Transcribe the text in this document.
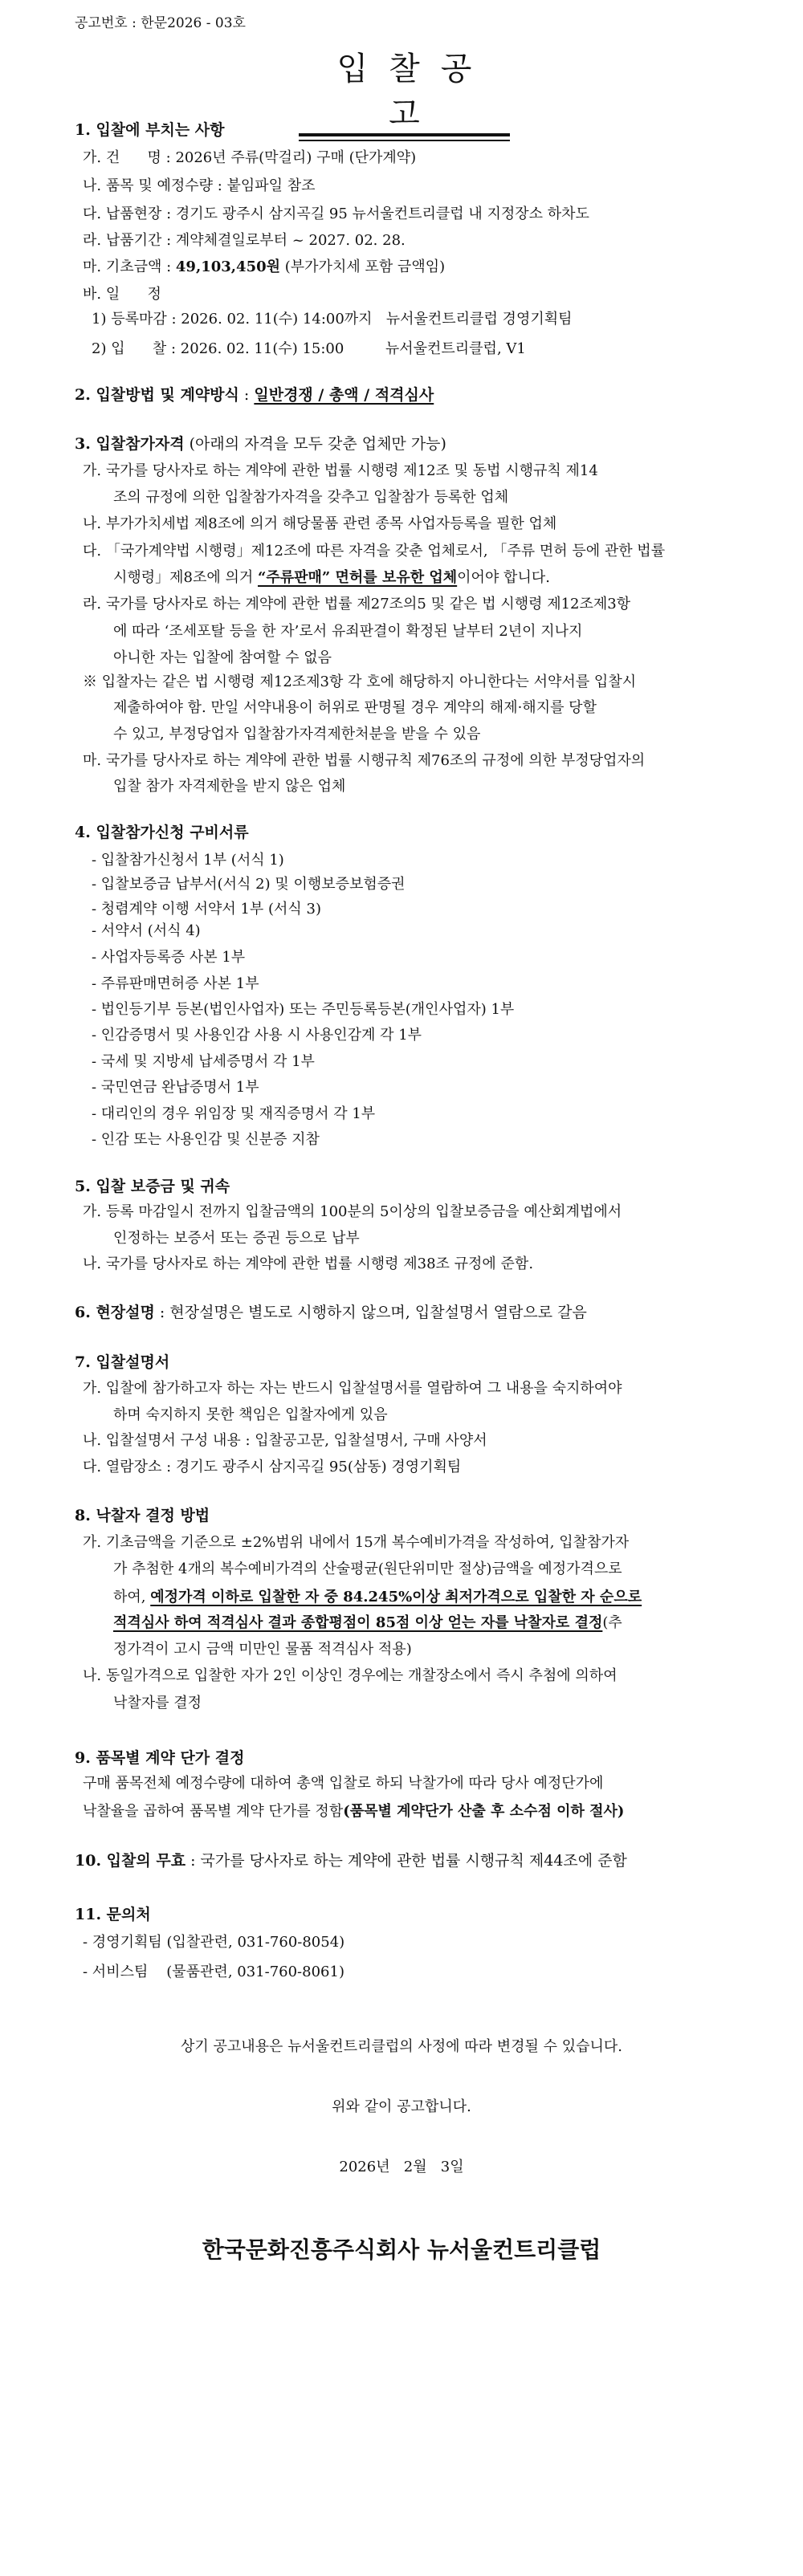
공고번호 : 한문2026 - 03호
입찰공고
1. 입찰에 부치는 사항
가. 건      명 : 2026년 주류(막걸리) 구매 (단가계약)
나. 품목 및 예정수량 : 붙임파일 참조
다. 납품현장 : 경기도 광주시 삼지곡길 95 뉴서울컨트리클럽 내 지정장소 하차도
라. 납품기간 : 계약체결일로부터 ~ 2027. 02. 28.
마. 기초금액 : 49,103,450원 (부가가치세 포함 금액임)
바. 일      정
1) 등록마감 : 2026. 02. 11(수) 14:00까지   뉴서울컨트리클럽 경영기획팀
2) 입      찰 : 2026. 02. 11(수) 15:00         뉴서울컨트리클럽, V1
2. 입찰방법 및 계약방식 : 일반경쟁 / 총액 / 적격심사
3. 입찰참가자격 (아래의 자격을 모두 갖춘 업체만 가능)
가. 국가를 당사자로 하는 계약에 관한 법률 시행령 제12조 및 동법 시행규칙 제14
조의 규정에 의한 입찰참가자격을 갖추고 입찰참가 등록한 업체
나. 부가가치세법 제8조에 의거 해당물품 관련 종목 사업자등록을 필한 업체
다. 「국가계약법 시행령」제12조에 따른 자격을 갖춘 업체로서, 「주류 면허 등에 관한 법률
시행령」제8조에 의거 “주류판매” 면허를 보유한 업체이어야 합니다.
라. 국가를 당사자로 하는 계약에 관한 법률 제27조의5 및 같은 법 시행령 제12조제3항
에 따라 ‘조세포탈 등을 한 자’로서 유죄판결이 확정된 날부터 2년이 지나지
아니한 자는 입찰에 참여할 수 없음
※ 입찰자는 같은 법 시행령 제12조제3항 각 호에 해당하지 아니한다는 서약서를 입찰시
제출하여야 함. 만일 서약내용이 허위로 판명될 경우 계약의 해제·해지를 당할
수 있고, 부정당업자 입찰참가자격제한처분을 받을 수 있음
마. 국가를 당사자로 하는 계약에 관한 법률 시행규칙 제76조의 규정에 의한 부정당업자의
입찰 참가 자격제한을 받지 않은 업체
4. 입찰참가신청 구비서류
- 입찰참가신청서 1부 (서식 1)
- 입찰보증금 납부서(서식 2) 및 이행보증보험증권
- 청렴계약 이행 서약서 1부 (서식 3)
- 서약서 (서식 4)
- 사업자등록증 사본 1부
- 주류판매면허증 사본 1부
- 법인등기부 등본(법인사업자) 또는 주민등록등본(개인사업자) 1부
- 인감증명서 및 사용인감 사용 시 사용인감계 각 1부
- 국세 및 지방세 납세증명서 각 1부
- 국민연금 완납증명서 1부
- 대리인의 경우 위임장 및 재직증명서 각 1부
- 인감 또는 사용인감 및 신분증 지참
5. 입찰 보증금 및 귀속
가. 등록 마감일시 전까지 입찰금액의 100분의 5이상의 입찰보증금을 예산회계법에서
인정하는 보증서 또는 증권 등으로 납부
나. 국가를 당사자로 하는 계약에 관한 법률 시행령 제38조 규정에 준함.
6. 현장설명 : 현장설명은 별도로 시행하지 않으며, 입찰설명서 열람으로 갈음
7. 입찰설명서
가. 입찰에 참가하고자 하는 자는 반드시 입찰설명서를 열람하여 그 내용을 숙지하여야
하며 숙지하지 못한 책임은 입찰자에게 있음
나. 입찰설명서 구성 내용 : 입찰공고문, 입찰설명서, 구매 사양서
다. 열람장소 : 경기도 광주시 삼지곡길 95(삼동) 경영기획팀
8. 낙찰자 결정 방법
가. 기초금액을 기준으로 ±2%범위 내에서 15개 복수예비가격을 작성하여, 입찰참가자
가 추첨한 4개의 복수예비가격의 산술평균(원단위미만 절상)금액을 예정가격으로
하여, 예정가격 이하로 입찰한 자 중 84.245%이상 최저가격으로 입찰한 자 순으로
적격심사 하여 적격심사 결과 종합평점이 85점 이상 얻는 자를 낙찰자로 결정(추
정가격이 고시 금액 미만인 물품 적격심사 적용)
나. 동일가격으로 입찰한 자가 2인 이상인 경우에는 개찰장소에서 즉시 추첨에 의하여
낙찰자를 결정
9. 품목별 계약 단가 결정
구매 품목전체 예정수량에 대하여 총액 입찰로 하되 낙찰가에 따라 당사 예정단가에
낙찰율을 곱하여 품목별 계약 단가를 정함(품목별 계약단가 산출 후 소수점 이하 절사)
10. 입찰의 무효 : 국가를 당사자로 하는 계약에 관한 법률 시행규칙 제44조에 준함
11. 문의처
- 경영기획팀 (입찰관련, 031-760-8054)
- 서비스팀    (물품관련, 031-760-8061)
상기 공고내용은 뉴서울컨트리클럽의 사정에 따라 변경될 수 있습니다.
위와 같이 공고합니다.
2026년   2월   3일
한국문화진흥주식회사 뉴서울컨트리클럽
